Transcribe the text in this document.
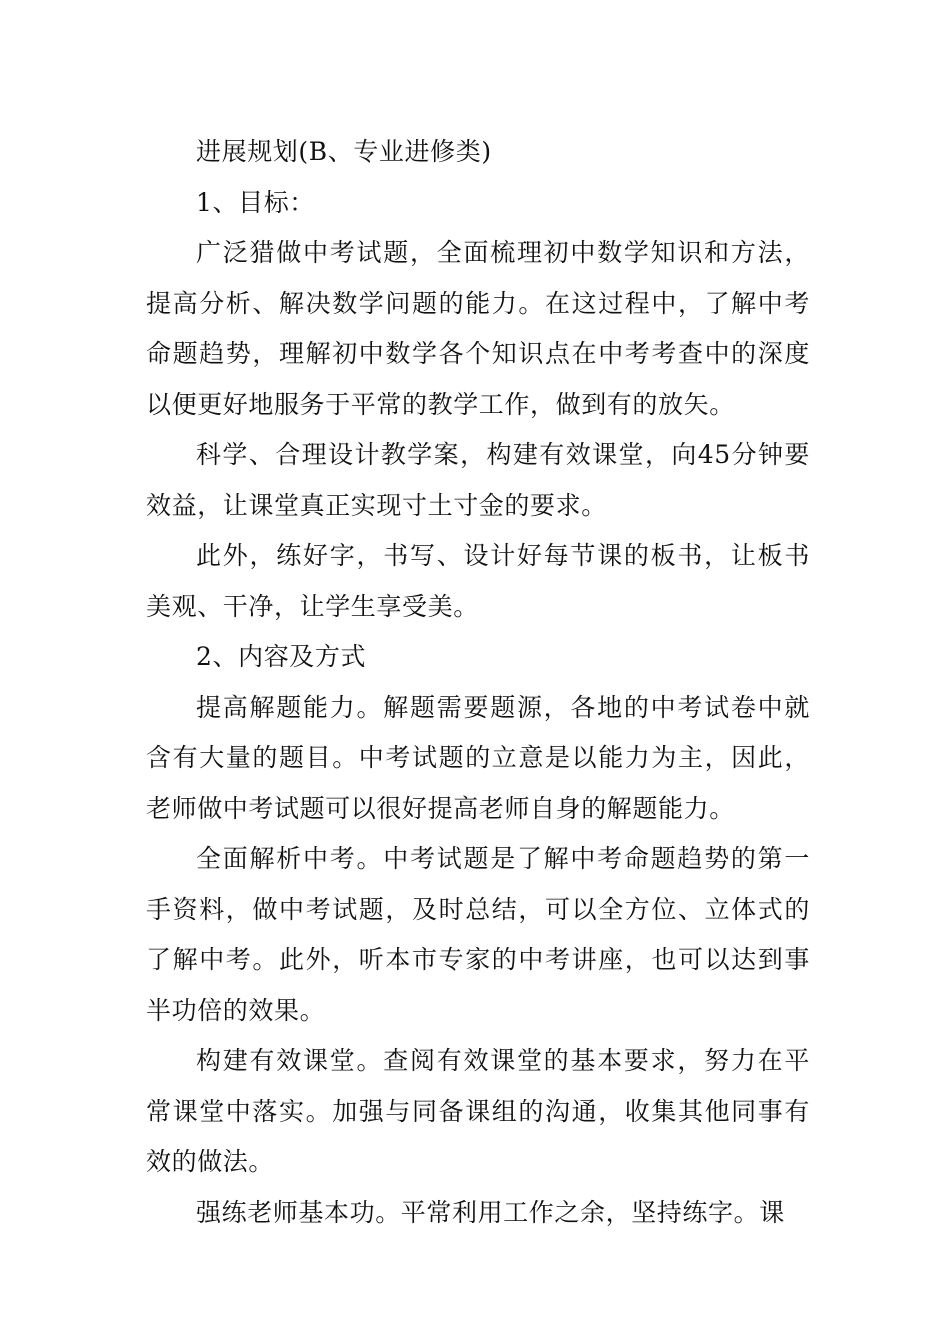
进展规划(B、专业进修类)

1、目标：

广泛猎做中考试题，全面梳理初中数学知识和方法，提高分析、解决数学问题的能力。在这过程中，了解中考命题趋势，理解初中数学各个知识点在中考考查中的深度以便更好地服务于平常的教学工作，做到有的放矢。

科学、合理设计教学案，构建有效课堂，向45分钟要效益，让课堂真正实现寸土寸金的要求。

此外，练好字，书写、设计好每节课的板书，让板书美观、干净，让学生享受美。

2、内容及方式

提高解题能力。解题需要题源，各地的中考试卷中就含有大量的题目。中考试题的立意是以能力为主，因此，老师做中考试题可以很好提高老师自身的解题能力。

全面解析中考。中考试题是了解中考命题趋势的第一手资料，做中考试题，及时总结，可以全方位、立体式的了解中考。此外，听本市专家的中考讲座，也可以达到事半功倍的效果。

构建有效课堂。查阅有效课堂的基本要求，努力在平常课堂中落实。加强与同备课组的沟通，收集其他同事有效的做法。

强练老师基本功。平常利用工作之余，坚持练字。课
